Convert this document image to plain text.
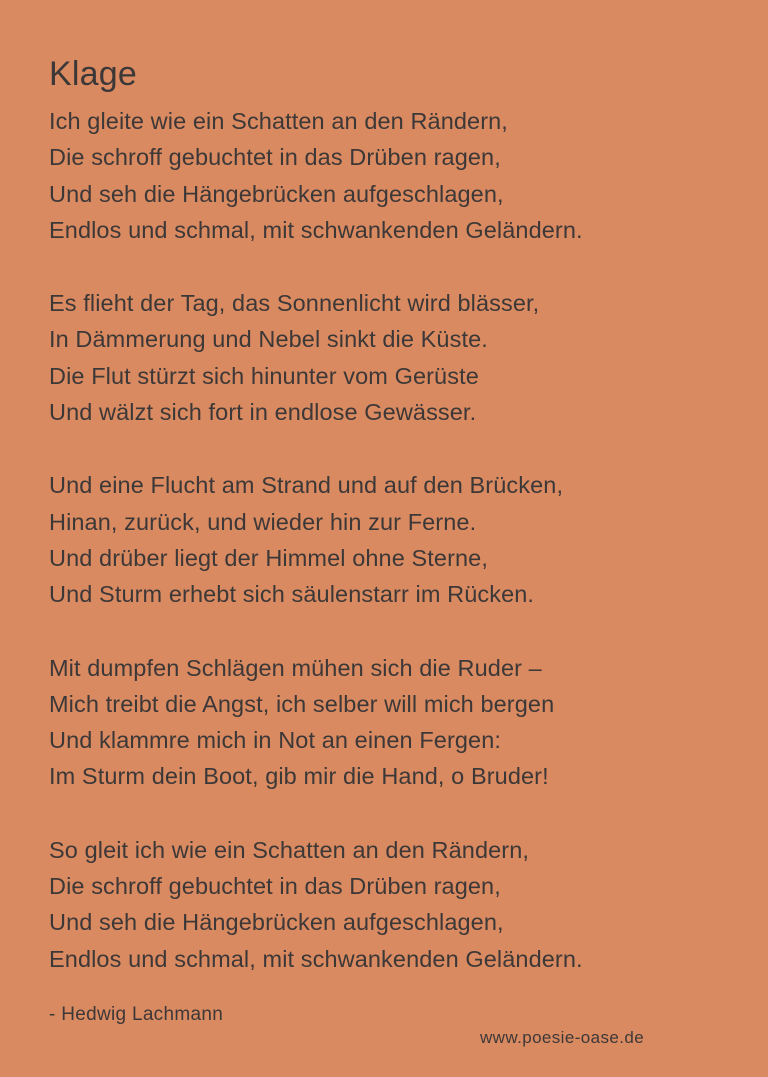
Klage
Ich gleite wie ein Schatten an den Rändern,
Die schroff gebuchtet in das Drüben ragen,
Und seh die Hängebrücken aufgeschlagen,
Endlos und schmal, mit schwankenden Geländern.
Es flieht der Tag, das Sonnenlicht wird blässer,
In Dämmerung und Nebel sinkt die Küste.
Die Flut stürzt sich hinunter vom Gerüste
Und wälzt sich fort in endlose Gewässer.
Und eine Flucht am Strand und auf den Brücken,
Hinan, zurück, und wieder hin zur Ferne.
Und drüber liegt der Himmel ohne Sterne,
Und Sturm erhebt sich säulenstarr im Rücken.
Mit dumpfen Schlägen mühen sich die Ruder –
Mich treibt die Angst, ich selber will mich bergen
Und klammre mich in Not an einen Fergen:
Im Sturm dein Boot, gib mir die Hand, o Bruder!
So gleit ich wie ein Schatten an den Rändern,
Die schroff gebuchtet in das Drüben ragen,
Und seh die Hängebrücken aufgeschlagen,
Endlos und schmal, mit schwankenden Geländern.
- Hedwig Lachmann
www.poesie-oase.de
